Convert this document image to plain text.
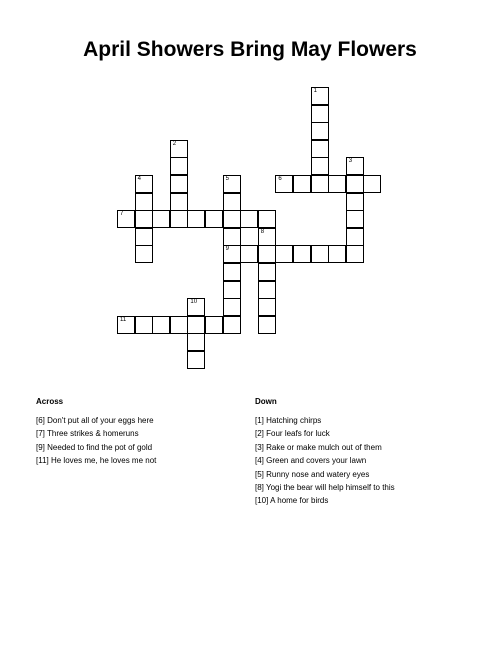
April Showers Bring May Flowers
1
2
3
4	5
9
6
7
8
10
11
Across
[6] Don't put all of your eggs here
[7] Three strikes & homeruns
[9] Needed to find the pot of gold
[11] He loves me, he loves me not
Down
[1] Hatching chirps
[2] Four leafs for luck
[3] Rake or make mulch out of them
[4] Green and covers your lawn
[5] Runny nose and watery eyes
[8] Yogi the bear will help himself to this
[10] A home for birds
